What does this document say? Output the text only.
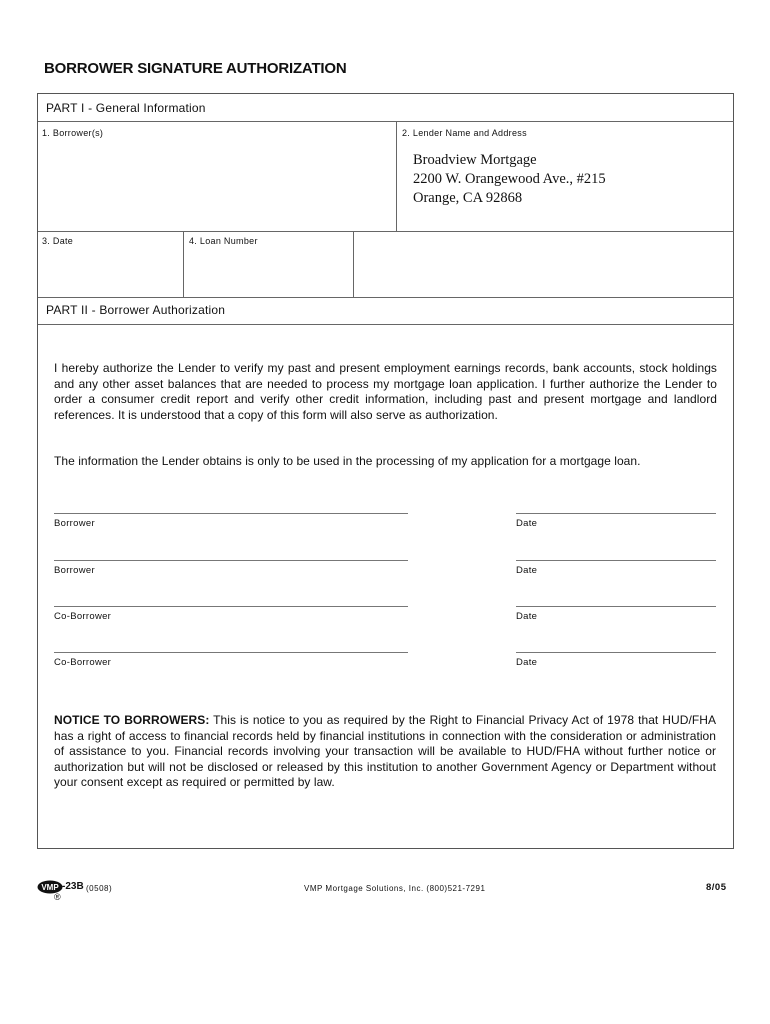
BORROWER SIGNATURE AUTHORIZATION
PART I - General Information
1. Borrower(s)	2. Lender Name and Address
Broadview Mortgage
2200 W. Orangewood Ave., #215
Orange, CA 92868
3. Date	4. Loan Number
PART II - Borrower Authorization
I hereby authorize the Lender to verify my past and present employment earnings records, bank accounts, stock holdings and any other asset balances that are needed to process my mortgage loan application. I further authorize the Lender to order a consumer credit report and verify other credit information, including past and present mortgage and landlord references. It is understood that a copy of this form will also serve as authorization.
The information the Lender obtains is only to be used in the processing of my application for a mortgage loan.
Borrower	Date
Borrower	Date
Co-Borrower	Date
Co-Borrower	Date
NOTICE TO BORROWERS: This is notice to you as required by the Right to Financial Privacy Act of 1978 that HUD/FHA has a right of access to financial records held by financial institutions in connection with the consideration or administration of assistance to you. Financial records involving your transaction will be available to HUD/FHA without further notice or authorization but will not be disclosed or released by this institution to another Government Agency or Department without your consent except as required or permitted by law.
VMP -23B (0508)
®
VMP Mortgage Solutions, Inc. (800)521-7291	8/05
